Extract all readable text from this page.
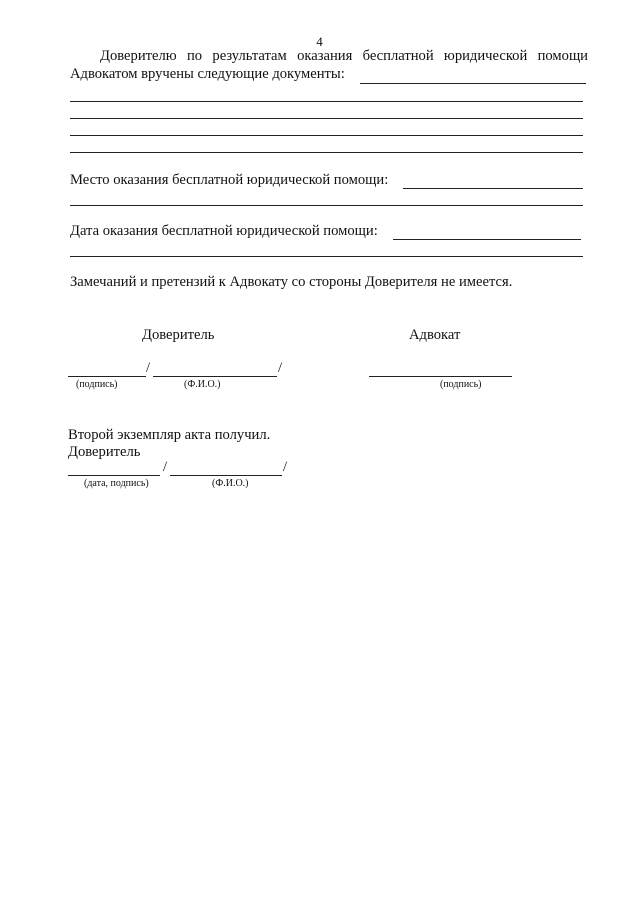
4
Доверителю по результатам оказания бесплатной юридической помощи
Адвокатом вручены следующие документы:
Место оказания бесплатной юридической помощи:
Дата оказания бесплатной юридической помощи:
Замечаний и претензий к Адвокату со стороны Доверителя не имеется.
Доверитель	Адвокат
/	/
(подпись)	(Ф.И.О.)	(подпись)
Второй экземпляр акта получил.
Доверитель
/	/
(дата, подпись)	(Ф.И.О.)
